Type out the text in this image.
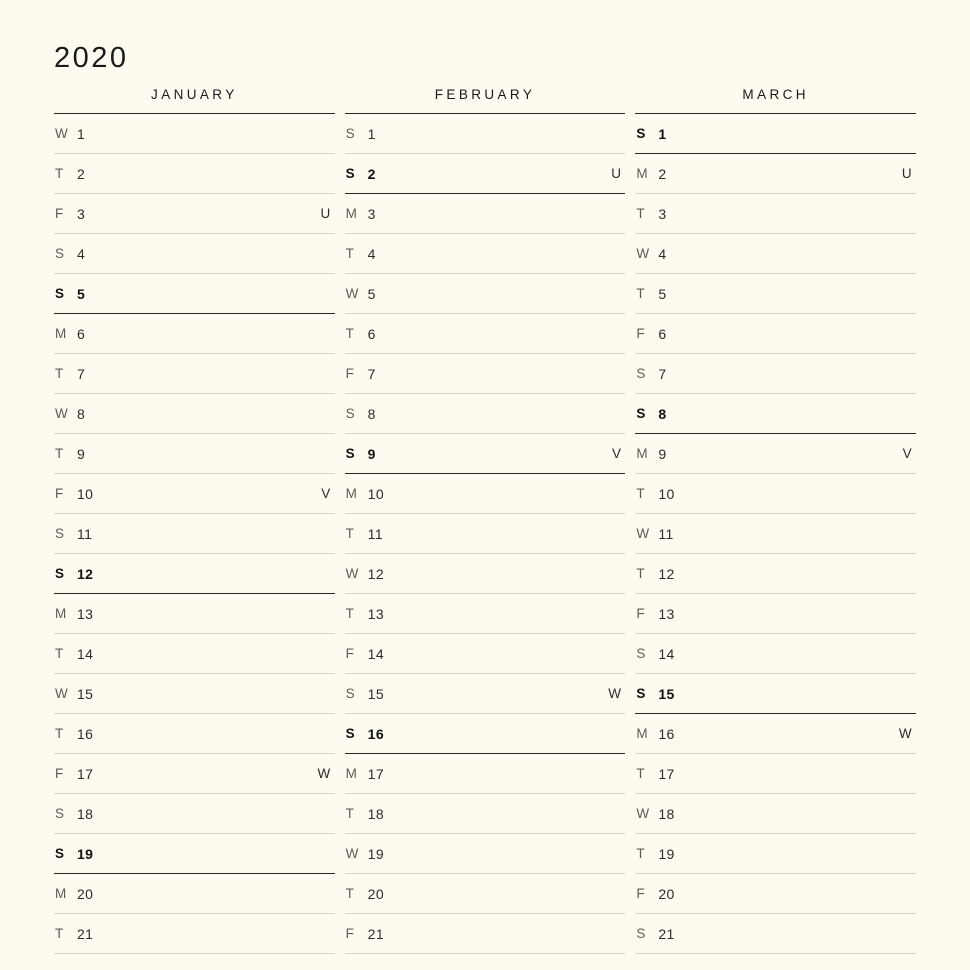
2020
JANUARY
W 1
T 2
F 3	U
S 4
S 5
M 6
T 7
W 8
T 9
F 10	V
S 11
S 12
M 13
T 14
W 15
T 16
F 17	W
S 18
S 19
M 20
T 21
FEBRUARY
S 1
S 2	U
M 3
T 4
W 5
T 6
F 7
S 8
S 9	V
M 10
T 11
W 12
T 13
F 14
S 15	W
S 16
M 17
T 18
W 19
T 20
F 21
MARCH
S 1
M 2	U
T 3
W 4
T 5
F 6
S 7
S 8
M 9	V
T 10
W 11
T 12
F 13
S 14
S 15
M 16	W
T 17
W 18
T 19
F 20
S 21
